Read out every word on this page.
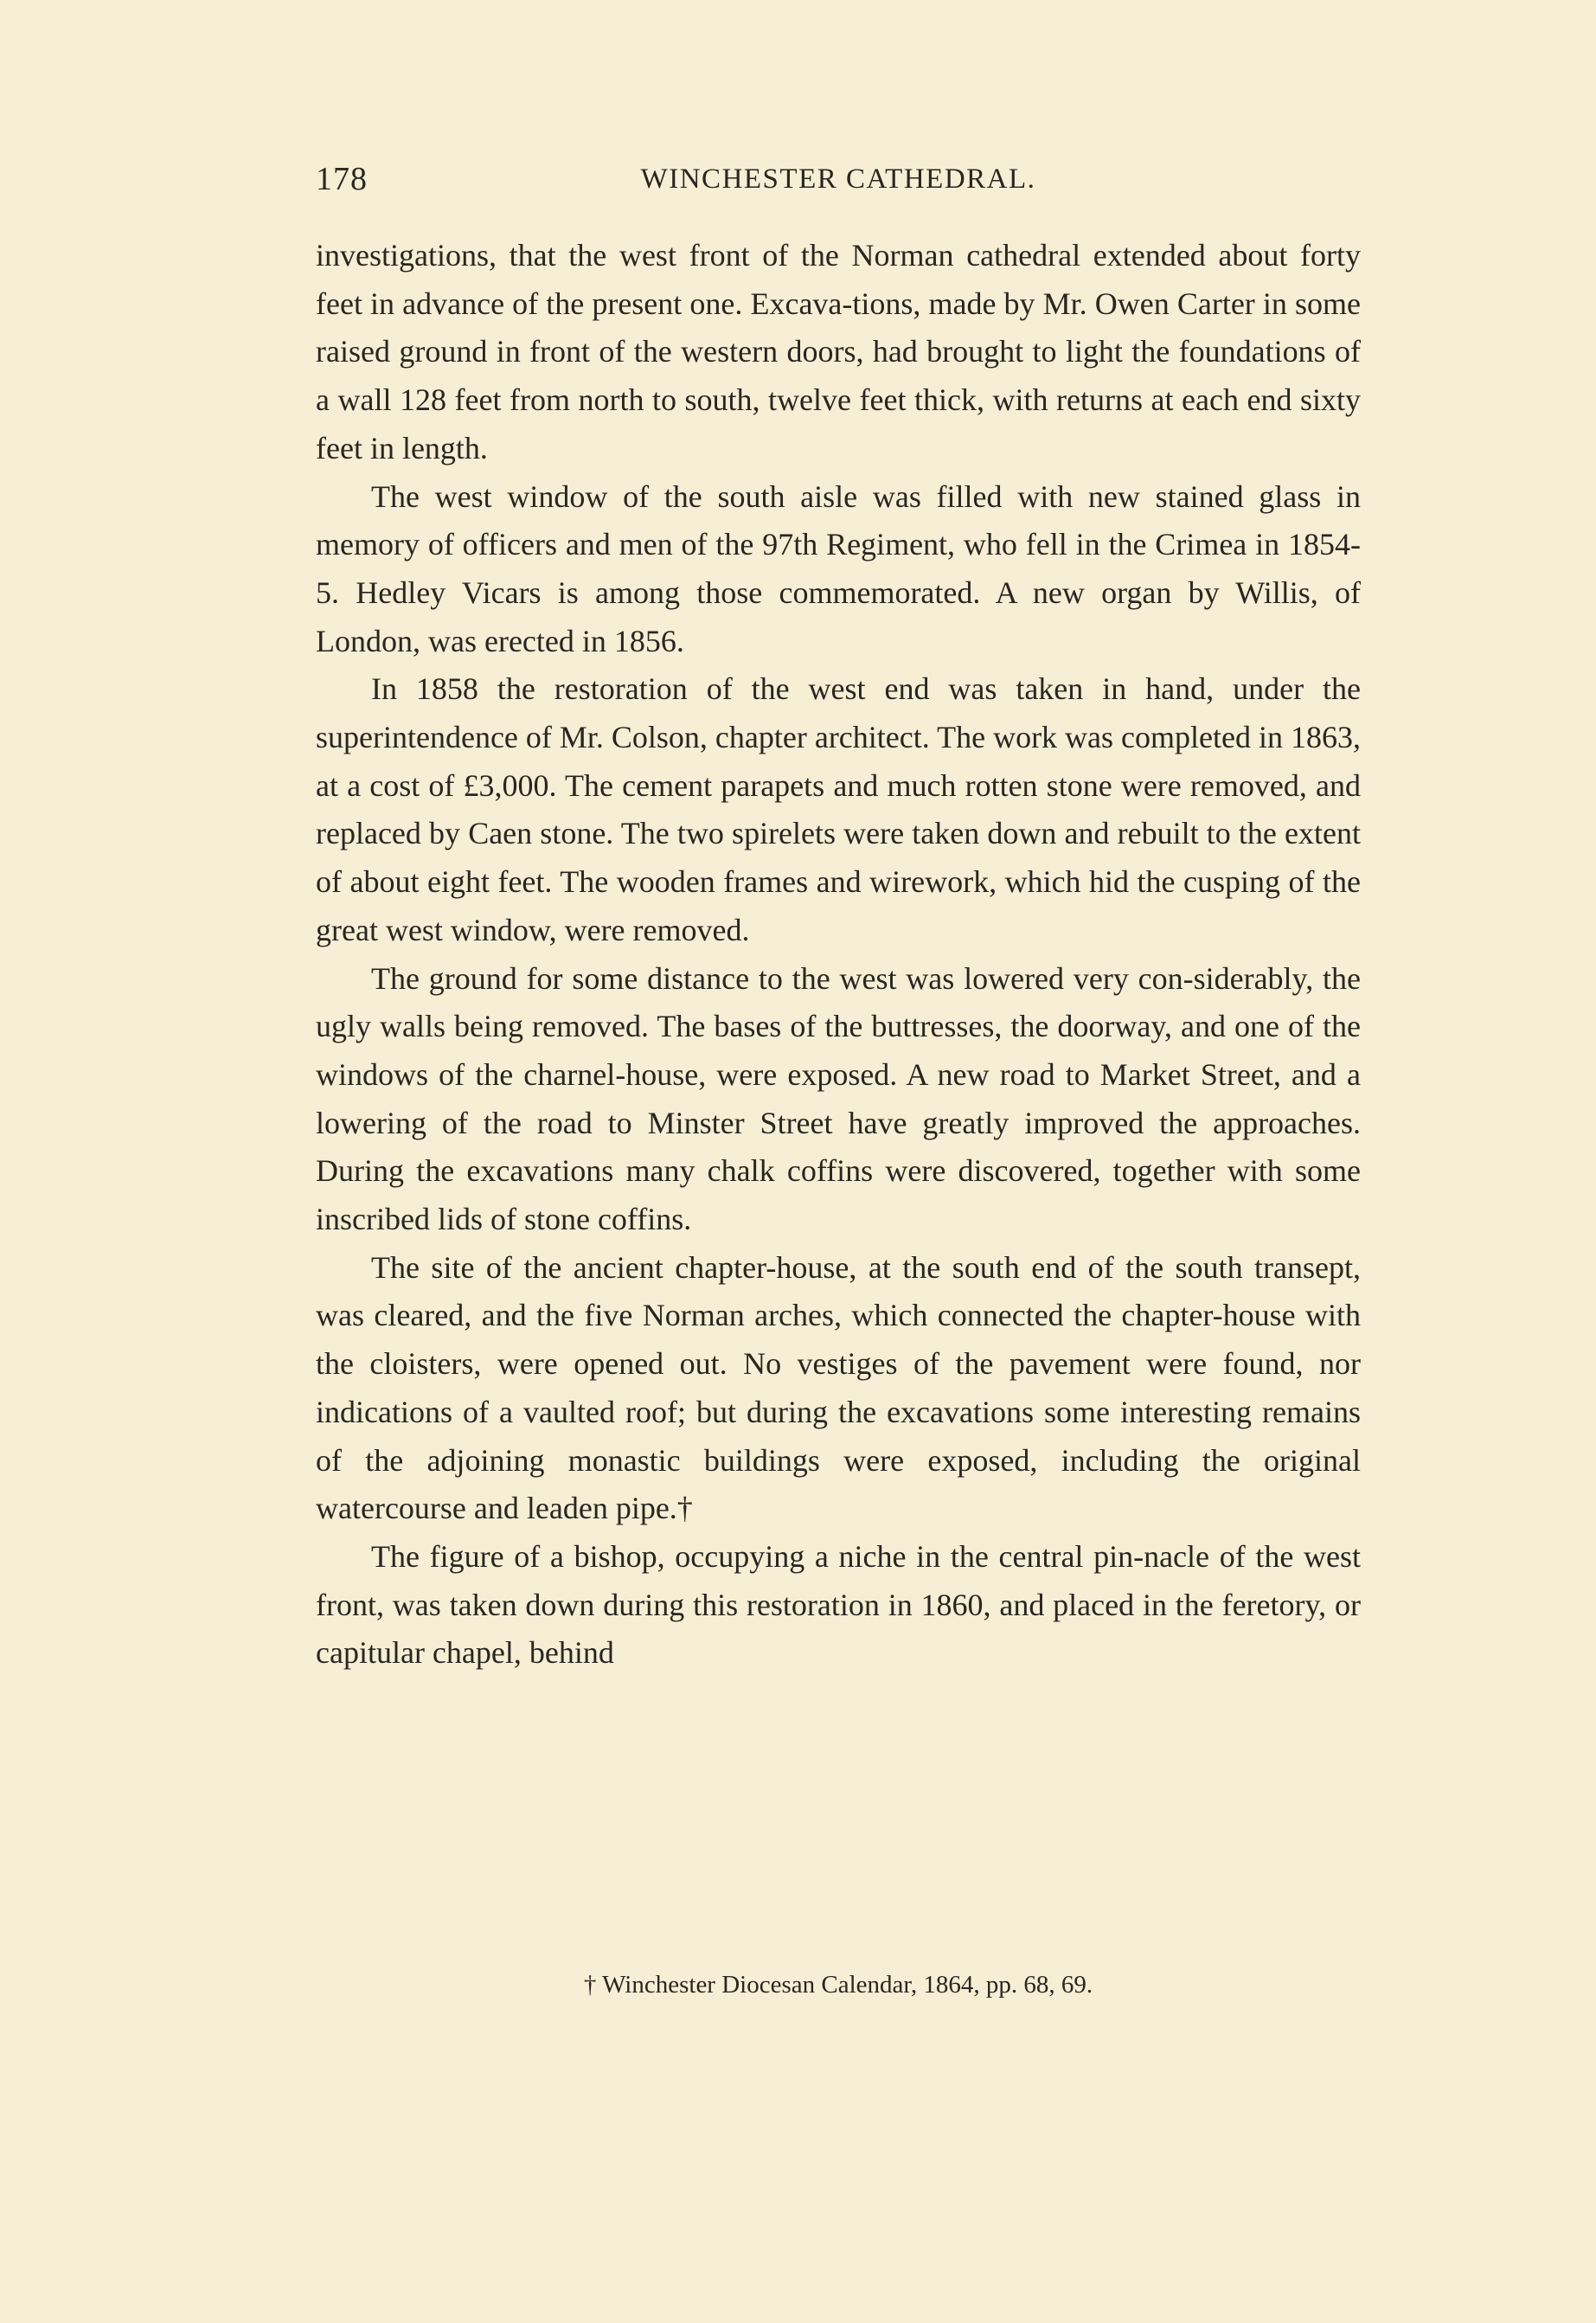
178	WINCHESTER CATHEDRAL.

investigations, that the west front of the Norman cathedral extended about forty feet in advance of the present one. Excava-tions, made by Mr. Owen Carter in some raised ground in front of the western doors, had brought to light the foundations of a wall 128 feet from north to south, twelve feet thick, with returns at each end sixty feet in length.

The west window of the south aisle was filled with new stained glass in memory of officers and men of the 97th Regiment, who fell in the Crimea in 1854-5. Hedley Vicars is among those commemorated. A new organ by Willis, of London, was erected in 1856.

In 1858 the restoration of the west end was taken in hand, under the superintendence of Mr. Colson, chapter architect. The work was completed in 1863, at a cost of £3,000. The cement parapets and much rotten stone were removed, and replaced by Caen stone. The two spirelets were taken down and rebuilt to the extent of about eight feet. The wooden frames and wirework, which hid the cusping of the great west window, were removed.

The ground for some distance to the west was lowered very con-siderably, the ugly walls being removed. The bases of the buttresses, the doorway, and one of the windows of the charnel-house, were exposed. A new road to Market Street, and a lowering of the road to Minster Street have greatly improved the approaches. During the excavations many chalk coffins were discovered, together with some inscribed lids of stone coffins.

The site of the ancient chapter-house, at the south end of the south transept, was cleared, and the five Norman arches, which connected the chapter-house with the cloisters, were opened out. No vestiges of the pavement were found, nor indications of a vaulted roof; but during the excavations some interesting remains of the adjoining monastic buildings were exposed, including the original watercourse and leaden pipe.†

The figure of a bishop, occupying a niche in the central pin-nacle of the west front, was taken down during this restoration in 1860, and placed in the feretory, or capitular chapel, behind

† Winchester Diocesan Calendar, 1864, pp. 68, 69.
